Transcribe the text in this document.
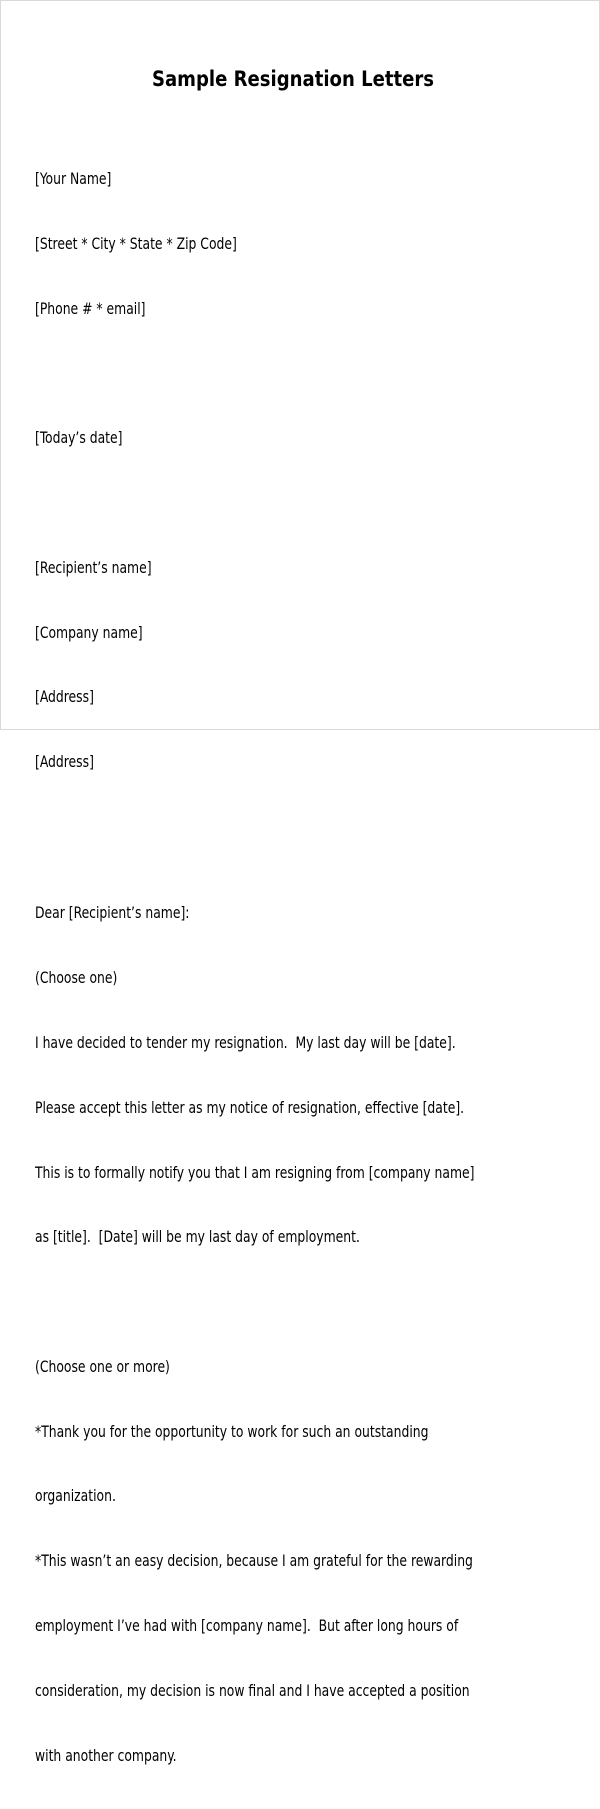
Sample Resignation Letters

[Your Name]

[Street * City * State * Zip Code]

[Phone # * email]

[Today’s date]

[Recipient’s name]

[Company name]

[Address]

[Address]

Dear [Recipient’s name]:

(Choose one)

I have decided to tender my resignation.  My last day will be [date].

Please accept this letter as my notice of resignation, effective [date].

This is to formally notify you that I am resigning from [company name]

as [title].  [Date] will be my last day of employment.

(Choose one or more)

*Thank you for the opportunity to work for such an outstanding

organization.

*This wasn’t an easy decision, because I am grateful for the rewarding

employment I’ve had with [company name].  But after long hours of

consideration, my decision is now final and I have accepted a position

with another company.
